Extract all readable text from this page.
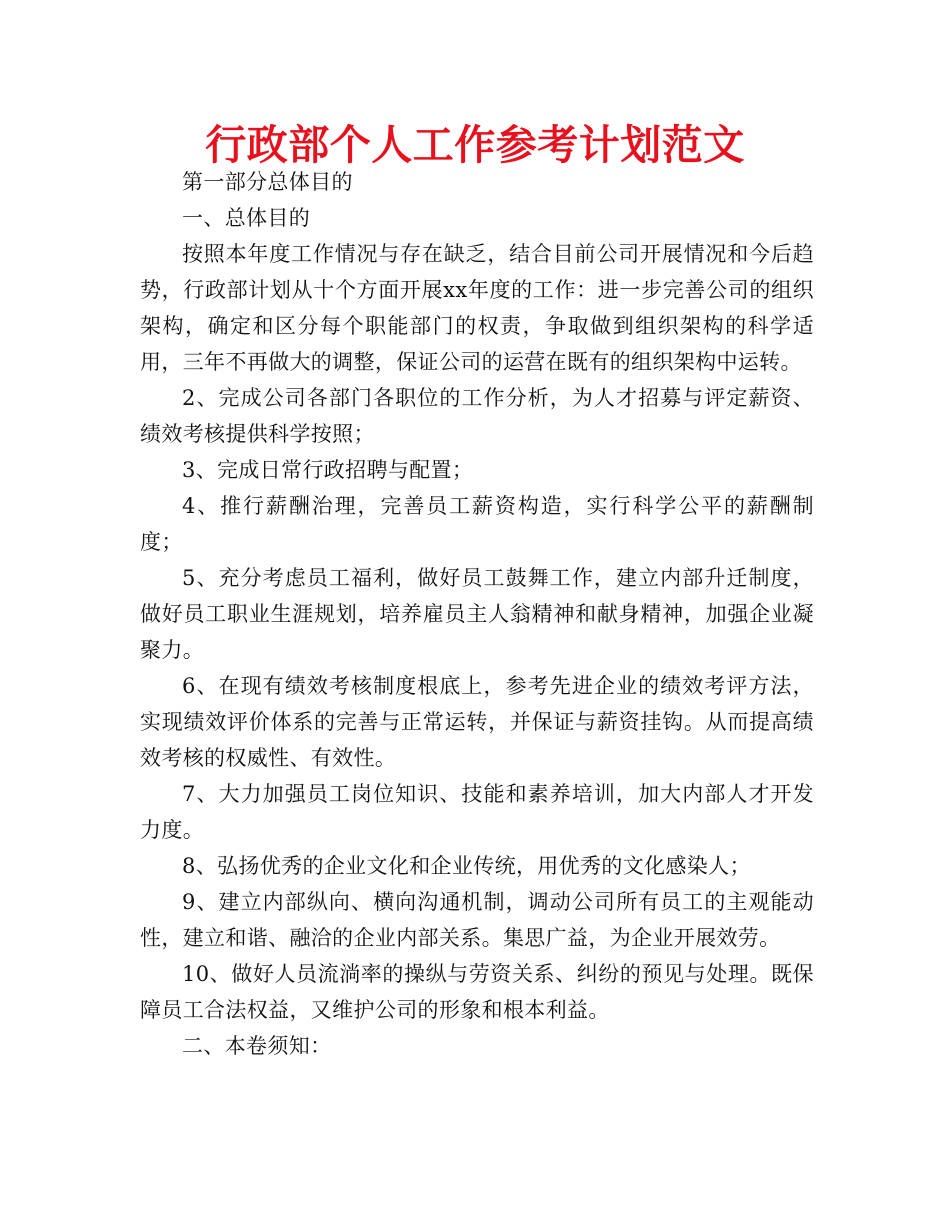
行政部个人工作参考计划范文

第一部分总体目的

一、总体目的

按照本年度工作情况与存在缺乏，结合目前公司开展情况和今后趋势，行政部计划从十个方面开展xx年度的工作：进一步完善公司的组织架构，确定和区分每个职能部门的权责，争取做到组织架构的科学适用，三年不再做大的调整，保证公司的运营在既有的组织架构中运转。

2、完成公司各部门各职位的工作分析，为人才招募与评定薪资、绩效考核提供科学按照；

3、完成日常行政招聘与配置；

4、推行薪酬治理，完善员工薪资构造，实行科学公平的薪酬制度；

5、充分考虑员工福利，做好员工鼓舞工作，建立内部升迁制度，做好员工职业生涯规划，培养雇员主人翁精神和献身精神，加强企业凝聚力。

6、在现有绩效考核制度根底上，参考先进企业的绩效考评方法，实现绩效评价体系的完善与正常运转，并保证与薪资挂钩。从而提高绩效考核的权威性、有效性。

7、大力加强员工岗位知识、技能和素养培训，加大内部人才开发力度。

8、弘扬优秀的企业文化和企业传统，用优秀的文化感染人；

9、建立内部纵向、横向沟通机制，调动公司所有员工的主观能动性，建立和谐、融洽的企业内部关系。集思广益，为企业开展效劳。

10、做好人员流淌率的操纵与劳资关系、纠纷的预见与处理。既保障员工合法权益，又维护公司的形象和根本利益。

二、本卷须知：
